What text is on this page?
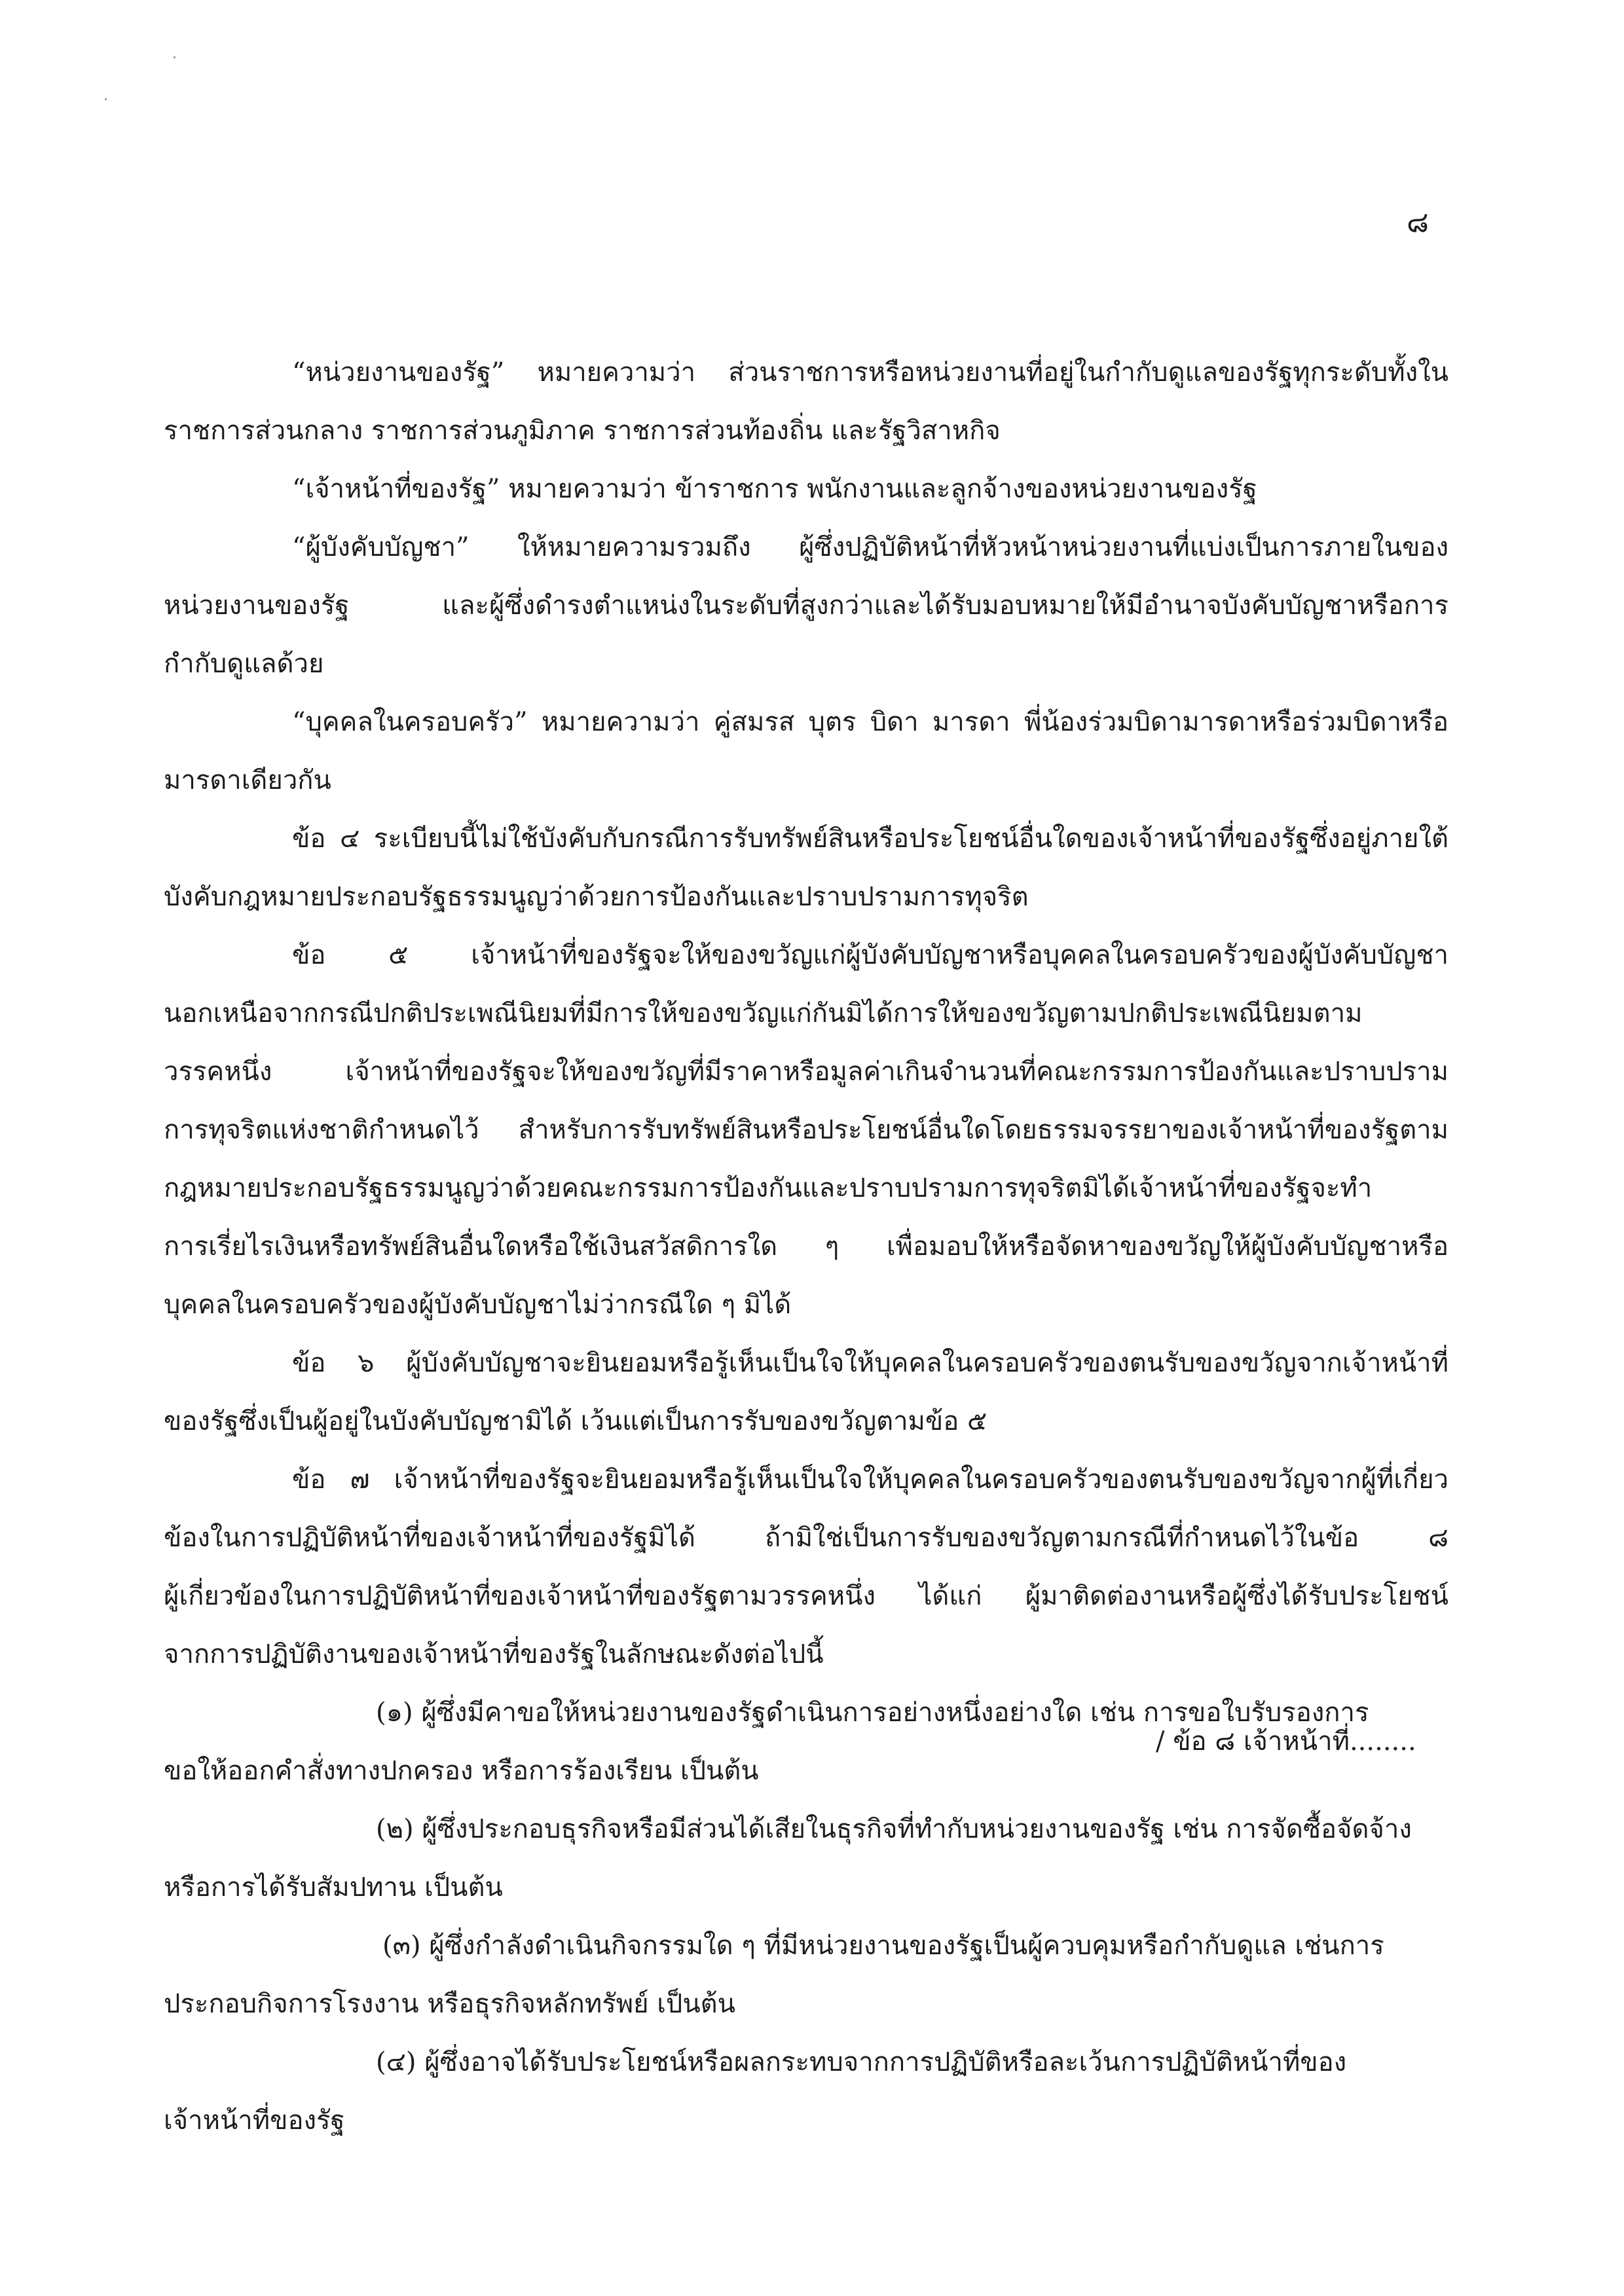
๘
“หน่วยงานของรัฐ” หมายความว่า ส่วนราชการหรือหน่วยงานที่อยู่ในกำกับดูแลของรัฐทุกระดับทั้งใน
ราชการส่วนกลาง ราชการส่วนภูมิภาค ราชการส่วนท้องถิ่น และรัฐวิสาหกิจ
“เจ้าหน้าที่ของรัฐ” หมายความว่า ข้าราชการ พนักงานและลูกจ้างของหน่วยงานของรัฐ
“ผู้บังคับบัญชา” ให้หมายความรวมถึง ผู้ซึ่งปฏิบัติหน้าที่หัวหน้าหน่วยงานที่แบ่งเป็นการภายในของ
หน่วยงานของรัฐ และผู้ซึ่งดำรงตำแหน่งในระดับที่สูงกว่าและได้รับมอบหมายให้มีอำนาจบังคับบัญชาหรือการ
กำกับดูแลด้วย
“บุคคลในครอบครัว” หมายความว่า คู่สมรส บุตร บิดา มารดา พี่น้องร่วมบิดามารดาหรือร่วมบิดาหรือ
มารดาเดียวกัน
ข้อ ๔ ระเบียบนี้ไม่ใช้บังคับกับกรณีการรับทรัพย์สินหรือประโยชน์อื่นใดของเจ้าหน้าที่ของรัฐซึ่งอยู่ภายใต้
บังคับกฎหมายประกอบรัฐธรรมนูญว่าด้วยการป้องกันและปราบปรามการทุจริต
ข้อ ๕ เจ้าหน้าที่ของรัฐจะให้ของขวัญแก่ผู้บังคับบัญชาหรือบุคคลในครอบครัวของผู้บังคับบัญชา
นอกเหนือจากกรณีปกติประเพณีนิยมที่มีการให้ของขวัญแก่กันมิได้การให้ของขวัญตามปกติประเพณีนิยมตาม
วรรคหนึ่ง เจ้าหน้าที่ของรัฐจะให้ของขวัญที่มีราคาหรือมูลค่าเกินจำนวนที่คณะกรรมการป้องกันและปราบปราม
การทุจริตแห่งชาติกำหนดไว้ สำหรับการรับทรัพย์สินหรือประโยชน์อื่นใดโดยธรรมจรรยาของเจ้าหน้าที่ของรัฐตาม
กฎหมายประกอบรัฐธรรมนูญว่าด้วยคณะกรรมการป้องกันและปราบปรามการทุจริตมิได้เจ้าหน้าที่ของรัฐจะทำ
การเรี่ยไรเงินหรือทรัพย์สินอื่นใดหรือใช้เงินสวัสดิการใด ๆ เพื่อมอบให้หรือจัดหาของขวัญให้ผู้บังคับบัญชาหรือ
บุคคลในครอบครัวของผู้บังคับบัญชาไม่ว่ากรณีใด ๆ มิได้
ข้อ ๖ ผู้บังคับบัญชาจะยินยอมหรือรู้เห็นเป็นใจให้บุคคลในครอบครัวของตนรับของขวัญจากเจ้าหน้าที่
ของรัฐซึ่งเป็นผู้อยู่ในบังคับบัญชามิได้ เว้นแต่เป็นการรับของขวัญตามข้อ ๕
ข้อ ๗ เจ้าหน้าที่ของรัฐจะยินยอมหรือรู้เห็นเป็นใจให้บุคคลในครอบครัวของตนรับของขวัญจากผู้ที่เกี่ยว
ข้องในการปฏิบัติหน้าที่ของเจ้าหน้าที่ของรัฐมิได้ ถ้ามิใช่เป็นการรับของขวัญตามกรณีที่กำหนดไว้ในข้อ ๘
ผู้เกี่ยวข้องในการปฏิบัติหน้าที่ของเจ้าหน้าที่ของรัฐตามวรรคหนึ่ง ได้แก่ ผู้มาติดต่องานหรือผู้ซึ่งได้รับประโยชน์
จากการปฏิบัติงานของเจ้าหน้าที่ของรัฐในลักษณะดังต่อไปนี้
(๑) ผู้ซึ่งมีคาขอให้หน่วยงานของรัฐดำเนินการอย่างหนึ่งอย่างใด เช่น การขอใบรับรองการ
ขอให้ออกคำสั่งทางปกครอง หรือการร้องเรียน เป็นต้น
(๒) ผู้ซึ่งประกอบธุรกิจหรือมีส่วนได้เสียในธุรกิจที่ทำกับหน่วยงานของรัฐ เช่น การจัดซื้อจัดจ้าง
หรือการได้รับสัมปทาน เป็นต้น
(๓) ผู้ซึ่งกำลังดำเนินกิจกรรมใด ๆ ที่มีหน่วยงานของรัฐเป็นผู้ควบคุมหรือกำกับดูแล เช่นการ
ประกอบกิจการโรงงาน หรือธุรกิจหลักทรัพย์ เป็นต้น
(๔) ผู้ซึ่งอาจได้รับประโยชน์หรือผลกระทบจากการปฏิบัติหรือละเว้นการปฏิบัติหน้าที่ของ
เจ้าหน้าที่ของรัฐ
/ ข้อ ๘ เจ้าหน้าที่........
